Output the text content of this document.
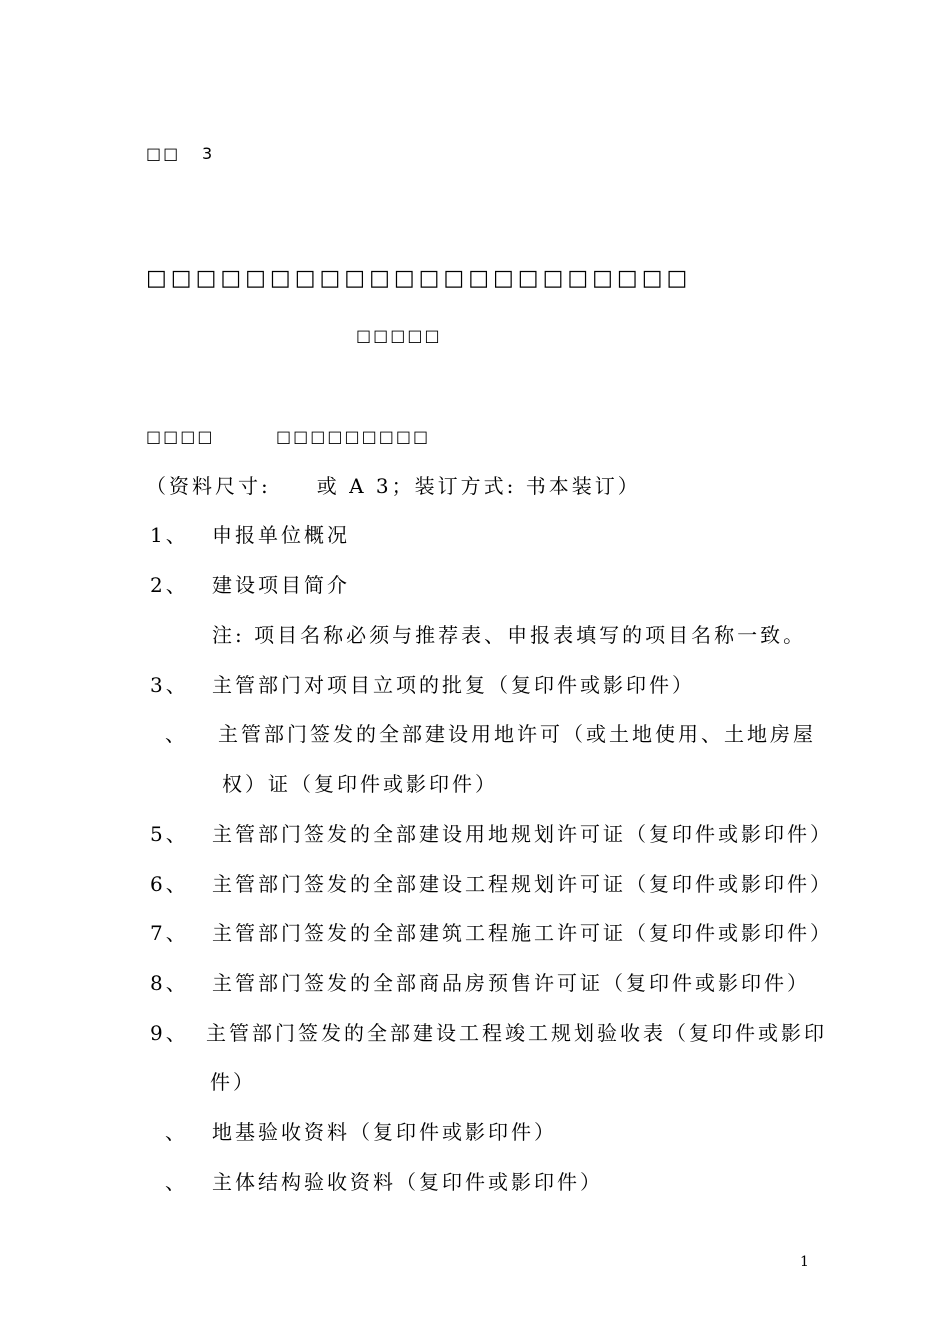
□□ 3
□□□□□□□□□□□□□□□□□□□□□□
□□□□□
□□□□	□□□□□□□□□
（资料尺寸:　　或 A 3；装订方式: 书本装订）
1、 申报单位概况
2、 建设项目简介
注: 项目名称必须与推荐表、申报表填写的项目名称一致。
3、 主管部门对项目立项的批复（复印件或影印件）
、 主管部门签发的全部建设用地许可（或土地使用、土地房屋
权）证（复印件或影印件）
5、 主管部门签发的全部建设用地规划许可证（复印件或影印件）
6、 主管部门签发的全部建设工程规划许可证（复印件或影印件）
7、 主管部门签发的全部建筑工程施工许可证（复印件或影印件）
8、 主管部门签发的全部商品房预售许可证（复印件或影印件）
9、 主管部门签发的全部建设工程竣工规划验收表（复印件或影印
件）
、 地基验收资料（复印件或影印件）
、 主体结构验收资料（复印件或影印件）
1
